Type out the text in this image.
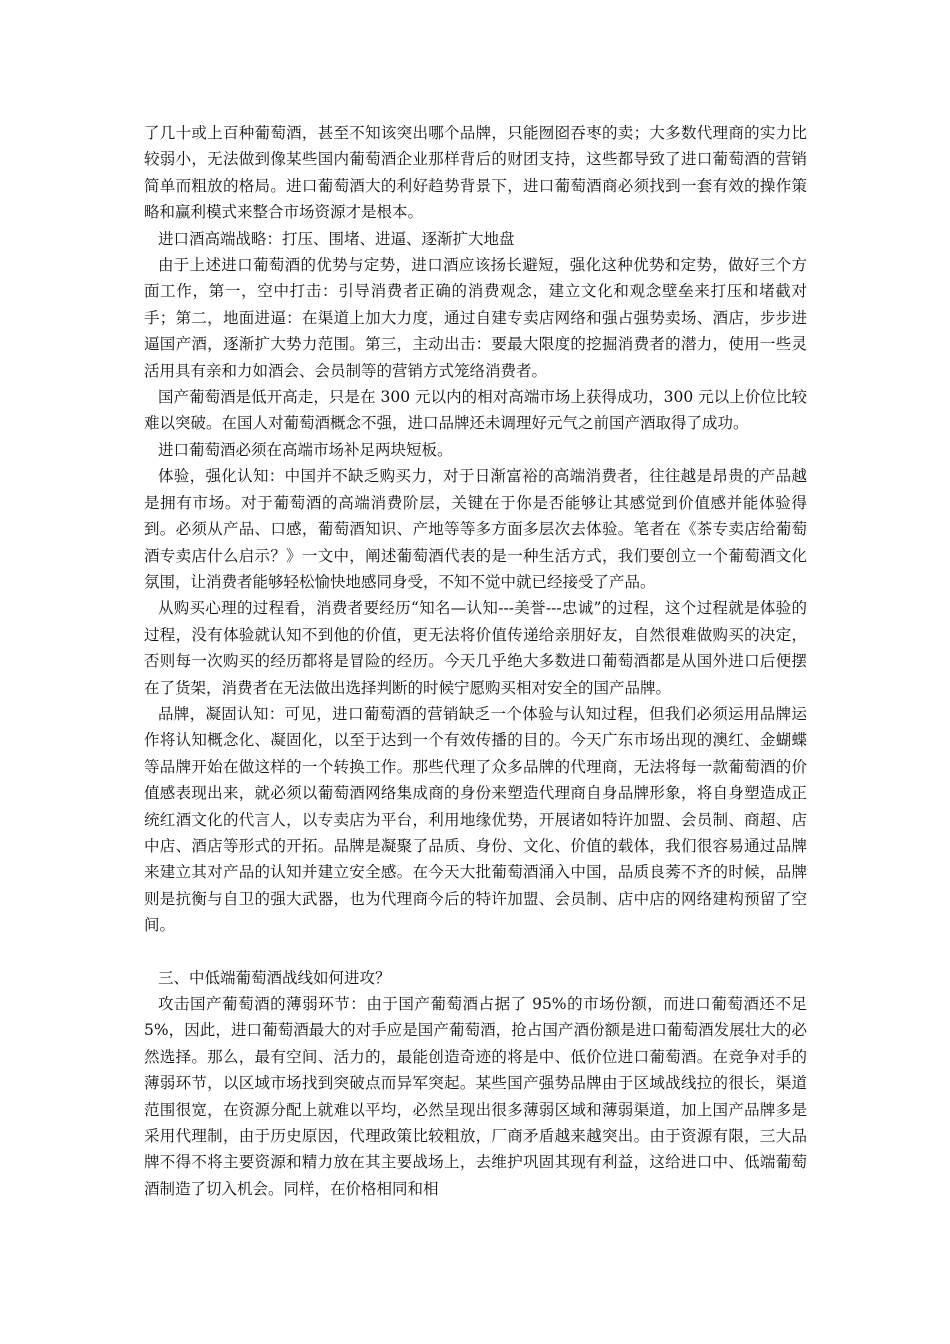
了几十或上百种葡萄酒，甚至不知该突出哪个品牌，只能囫囵吞枣的卖；大多数代理商的实力比较弱小，无法做到像某些国内葡萄酒企业那样背后的财团支持，这些都导致了进口葡萄酒的营销简单而粗放的格局。进口葡萄酒大的利好趋势背景下，进口葡萄酒商必须找到一套有效的操作策略和赢利模式来整合市场资源才是根本。

进口酒高端战略：打压、围堵、进逼、逐渐扩大地盘

由于上述进口葡萄酒的优势与定势，进口酒应该扬长避短，强化这种优势和定势，做好三个方面工作，第一，空中打击：引导消费者正确的消费观念，建立文化和观念壁垒来打压和堵截对手；第二，地面进逼：在渠道上加大力度，通过自建专卖店网络和强占强势卖场、酒店，步步进逼国产酒，逐渐扩大势力范围。第三，主动出击：要最大限度的挖掘消费者的潜力，使用一些灵活用具有亲和力如酒会、会员制等的营销方式笼络消费者。

国产葡萄酒是低开高走，只是在 300 元以内的相对高端市场上获得成功，300 元以上价位比较难以突破。在国人对葡萄酒概念不强，进口品牌还未调理好元气之前国产酒取得了成功。

进口葡萄酒必须在高端市场补足两块短板。

体验，强化认知：中国并不缺乏购买力，对于日渐富裕的高端消费者，往往越是昂贵的产品越是拥有市场。对于葡萄酒的高端消费阶层，关键在于你是否能够让其感觉到价值感并能体验得到。必须从产品、口感，葡萄酒知识、产地等等多方面多层次去体验。笔者在《茶专卖店给葡萄酒专卖店什么启示？》一文中，阐述葡萄酒代表的是一种生活方式，我们要创立一个葡萄酒文化氛围，让消费者能够轻松愉快地感同身受，不知不觉中就已经接受了产品。

从购买心理的过程看，消费者要经历“知名—认知---美誉---忠诚”的过程，这个过程就是体验的过程，没有体验就认知不到他的价值，更无法将价值传递给亲朋好友，自然很难做购买的决定，否则每一次购买的经历都将是冒险的经历。今天几乎绝大多数进口葡萄酒都是从国外进口后便摆在了货架，消费者在无法做出选择判断的时候宁愿购买相对安全的国产品牌。

品牌，凝固认知：可见，进口葡萄酒的营销缺乏一个体验与认知过程，但我们必须运用品牌运作将认知概念化、凝固化，以至于达到一个有效传播的目的。今天广东市场出现的澳红、金蝴蝶等品牌开始在做这样的一个转换工作。那些代理了众多品牌的代理商，无法将每一款葡萄酒的价值感表现出来，就必须以葡萄酒网络集成商的身份来塑造代理商自身品牌形象，将自身塑造成正统红酒文化的代言人，以专卖店为平台，利用地缘优势，开展诸如特许加盟、会员制、商超、店中店、酒店等形式的开拓。品牌是凝聚了品质、身份、文化、价值的载体，我们很容易通过品牌来建立其对产品的认知并建立安全感。在今天大批葡萄酒涌入中国，品质良莠不齐的时候，品牌则是抗衡与自卫的强大武器，也为代理商今后的特许加盟、会员制、店中店的网络建构预留了空间。

三、中低端葡萄酒战线如何进攻？

攻击国产葡萄酒的薄弱环节：由于国产葡萄酒占据了 95%的市场份额，而进口葡萄酒还不足 5%，因此，进口葡萄酒最大的对手应是国产葡萄酒，抢占国产酒份额是进口葡萄酒发展壮大的必然选择。那么，最有空间、活力的，最能创造奇迹的将是中、低价位进口葡萄酒。在竞争对手的薄弱环节，以区域市场找到突破点而异军突起。某些国产强势品牌由于区域战线拉的很长，渠道范围很宽，在资源分配上就难以平均，必然呈现出很多薄弱区域和薄弱渠道，加上国产品牌多是采用代理制，由于历史原因，代理政策比较粗放，厂商矛盾越来越突出。由于资源有限，三大品牌不得不将主要资源和精力放在其主要战场上，去维护巩固其现有利益，这给进口中、低端葡萄酒制造了切入机会。同样，在价格相同和相
